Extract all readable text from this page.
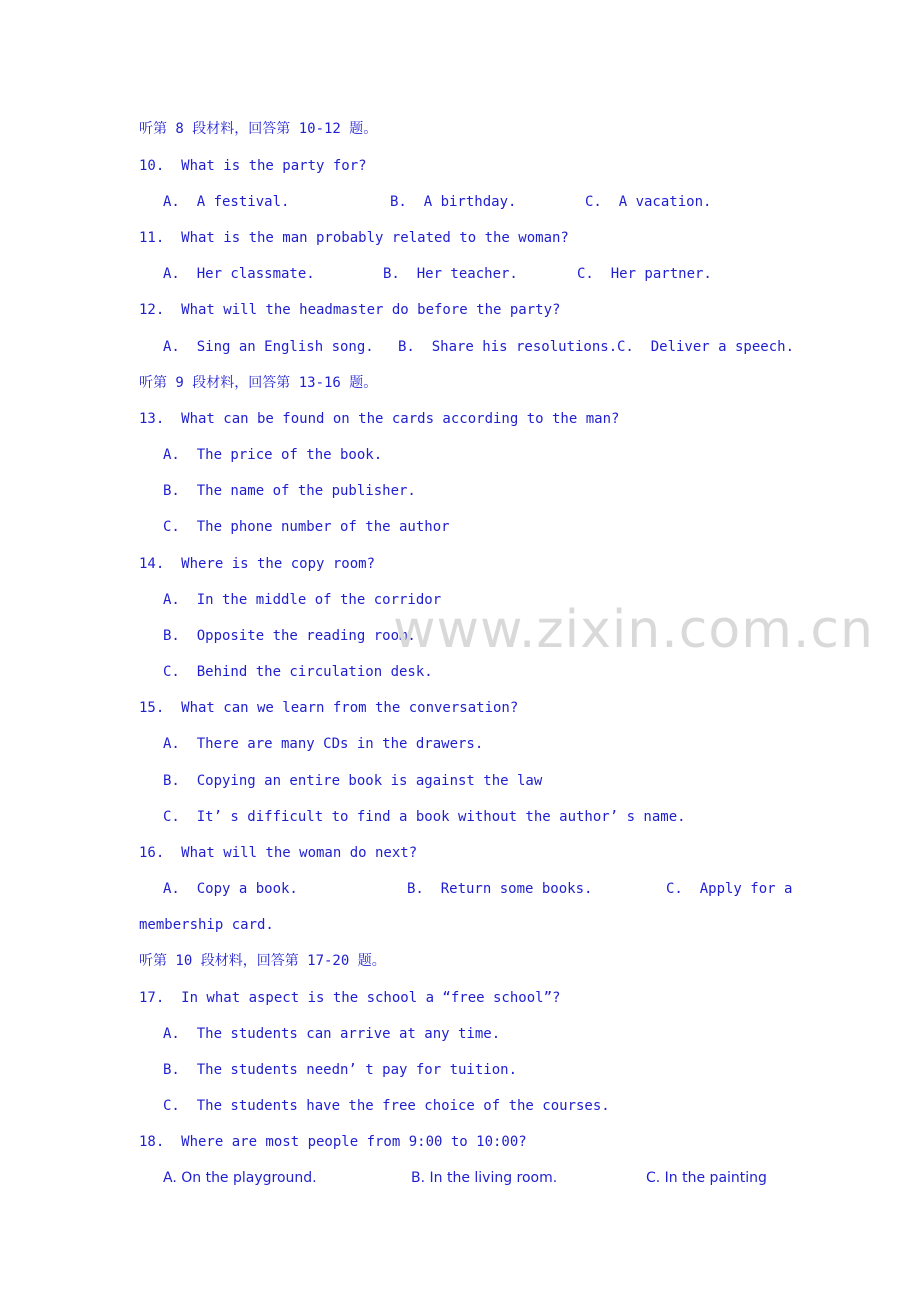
听第 8 段材料，回答第 10-12 题。
10.  What is the party for?
A.  A festival.	B.  A birthday.	C.  A vacation.
11.  What is the man probably related to the woman?
A.  Her classmate.	B.  Her teacher.	C.  Her partner.
12.  What will the headmaster do before the party?
A.  Sing an English song. B.  Share his resolutions. C.  Deliver a speech.
听第 9 段材料，回答第 13-16 题。
13.  What can be found on the cards according to the man?
A.  The price of the book.
B.  The name of the publisher.
C.  The phone number of the author
14.  Where is the copy room?
A.  In the middle of the corridor
B.  Opposite the reading room.
C.  Behind the circulation desk.
15.  What can we learn from the conversation?
A.  There are many CDs in the drawers.
B.  Copying an entire book is against the law
C.  It’ s difficult to find a book without the author’ s name.
16.  What will the woman do next?
A.  Copy a book.	B.  Return some books.	C.  Apply for a
membership card.
听第 10 段材料，回答第 17-20 题。
17.  In what aspect is the school a “free school”?
A.  The students can arrive at any time.
B.  The students needn’ t pay for tuition.
C.  The students have the free choice of the courses.
18.  Where are most people from 9:00 to 10:00?
A. On the playground.	B. In the living room.	C. In the painting
www.zixin.com.cn
